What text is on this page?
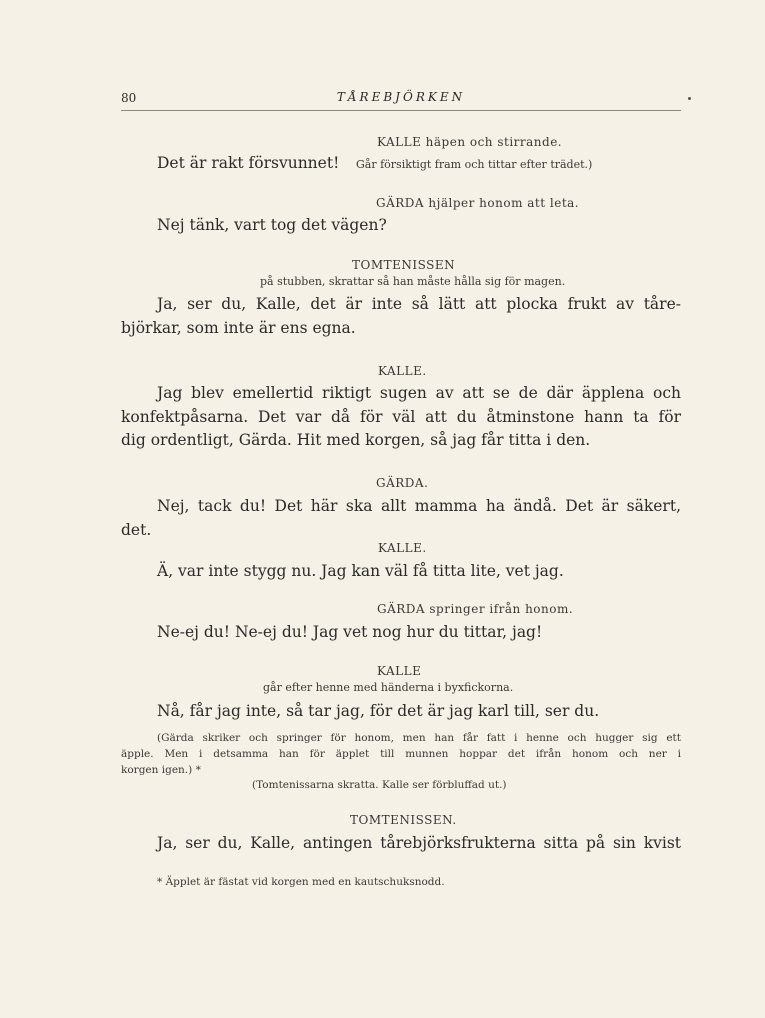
80	TÅREBJÖRKEN
KALLE häpen och stirrande.
Det är rakt försvunnet! Går försiktigt fram och tittar efter trädet.)
GÄRDA hjälper honom att leta.
Nej tänk, vart tog det vägen?
TOMTENISSEN
på stubben, skrattar så han måste hålla sig för magen.
Ja, ser du, Kalle, det är inte så lätt att plocka frukt av tåre-
björkar, som inte är ens egna.
KALLE.
Jag blev emellertid riktigt sugen av att se de där äpplena och
konfektpåsarna. Det var då för väl att du åtminstone hann ta för
dig ordentligt, Gärda. Hit med korgen, så jag får titta i den.
GÄRDA.
Nej, tack du! Det här ska allt mamma ha ändå. Det är säkert,
det.
KALLE.
Ä, var inte stygg nu. Jag kan väl få titta lite, vet jag.
GÄRDA springer ifrån honom.
Ne-ej du! Ne-ej du! Jag vet nog hur du tittar, jag!
KALLE
går efter henne med händerna i byxfickorna.
Nå, får jag inte, så tar jag, för det är jag karl till, ser du.
(Gärda skriker och springer för honom, men han får fatt i henne och hugger sig ett
äpple. Men i detsamma han för äpplet till munnen hoppar det ifrån honom och ner i
korgen igen.) *
(Tomtenissarna skratta. Kalle ser förbluffad ut.)
TOMTENISSEN.
Ja, ser du, Kalle, antingen tårebjörksfrukterna sitta på sin kvist
* Äpplet är fästat vid korgen med en kautschuksnodd.
